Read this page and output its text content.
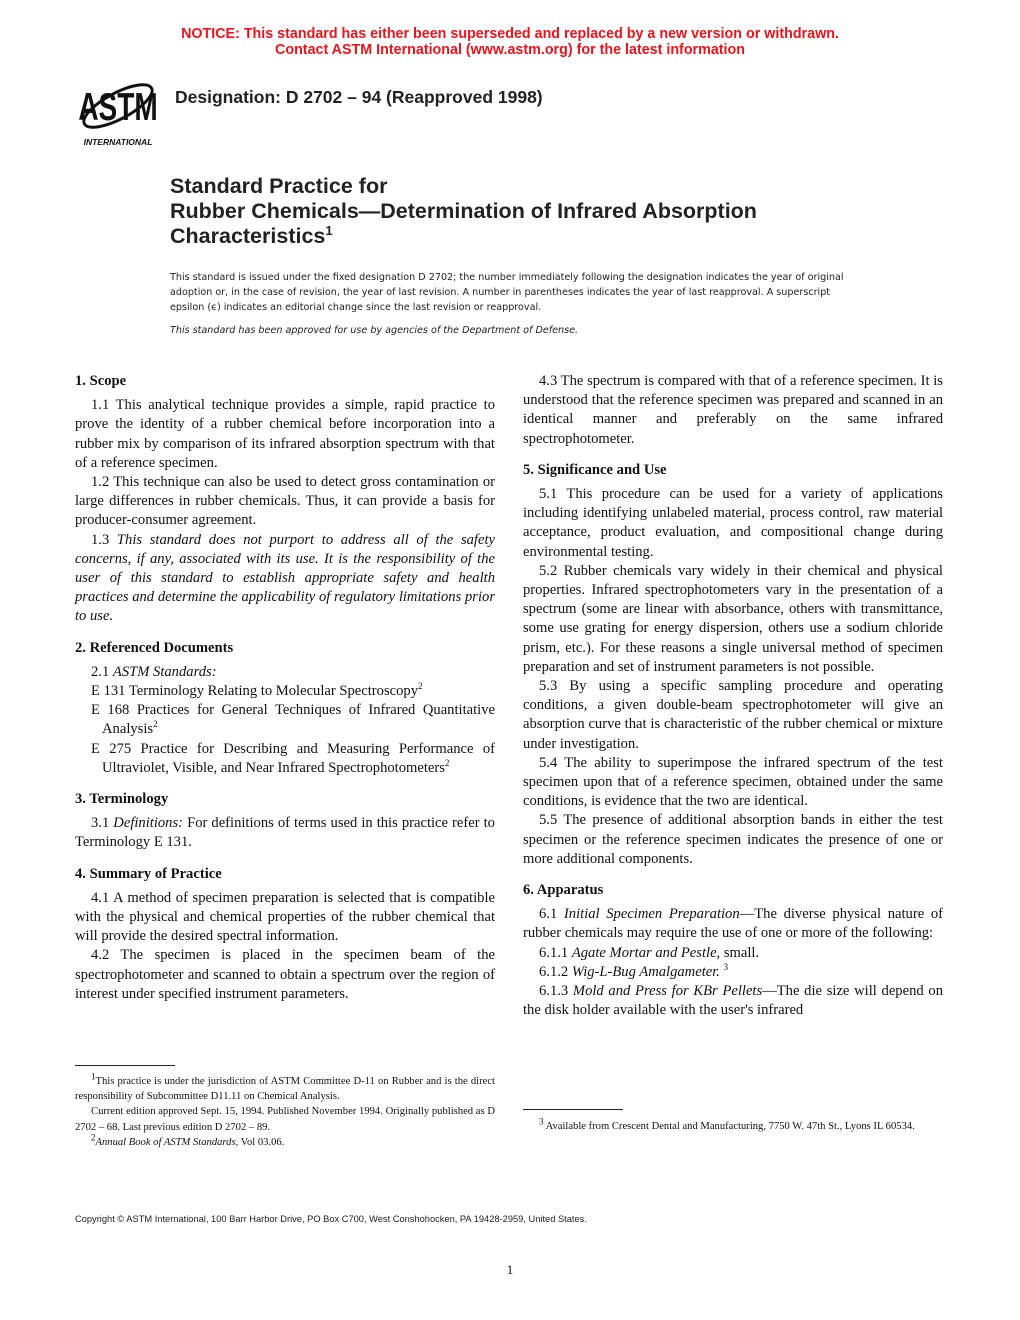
NOTICE: This standard has either been superseded and replaced by a new version or withdrawn.
Contact ASTM International (www.astm.org) for the latest information
ASTM
INTERNATIONAL
Designation: D 2702 – 94 (Reapproved 1998)
Standard Practice for
Rubber Chemicals—Determination of Infrared Absorption
Characteristics$^1$
This standard is issued under the fixed designation D 2702; the number immediately following the designation indicates the year of original adoption or, in the case of revision, the year of last revision. A number in parentheses indicates the year of last reapproval. A superscript epsilon (ϵ) indicates an editorial change since the last revision or reapproval.
This standard has been approved for use by agencies of the Department of Defense.
1. Scope

1.1 This analytical technique provides a simple, rapid practice to prove the identity of a rubber chemical before incorporation into a rubber mix by comparison of its infrared absorption spectrum with that of a reference specimen.

1.2 This technique can also be used to detect gross contamination or large differences in rubber chemicals. Thus, it can provide a basis for producer-consumer agreement.

1.3 This standard does not purport to address all of the safety concerns, if any, associated with its use. It is the responsibility of the user of this standard to establish appropriate safety and health practices and determine the applicability of regulatory limitations prior to use.

2. Referenced Documents

2.1 ASTM Standards:

E 131 Terminology Relating to Molecular Spectroscopy$^2$

E 168 Practices for General Techniques of Infrared Quantitative Analysis$^2$

E 275 Practice for Describing and Measuring Performance of Ultraviolet, Visible, and Near Infrared Spectrophotometers$^2$

3. Terminology

3.1 Definitions: For definitions of terms used in this practice refer to Terminology E 131.

4. Summary of Practice

4.1 A method of specimen preparation is selected that is compatible with the physical and chemical properties of the rubber chemical that will provide the desired spectral information.

4.2 The specimen is placed in the specimen beam of the spectrophotometer and scanned to obtain a spectrum over the region of interest under specified instrument parameters.

4.3 The spectrum is compared with that of a reference specimen. It is understood that the reference specimen was prepared and scanned in an identical manner and preferably on the same infrared spectrophotometer.

5. Significance and Use

5.1 This procedure can be used for a variety of applications including identifying unlabeled material, process control, raw material acceptance, product evaluation, and compositional change during environmental testing.

5.2 Rubber chemicals vary widely in their chemical and physical properties. Infrared spectrophotometers vary in the presentation of a spectrum (some are linear with absorbance, others with transmittance, some use grating for energy dispersion, others use a sodium chloride prism, etc.). For these reasons a single universal method of specimen preparation and set of instrument parameters is not possible.

5.3 By using a specific sampling procedure and operating conditions, a given double-beam spectrophotometer will give an absorption curve that is characteristic of the rubber chemical or mixture under investigation.

5.4 The ability to superimpose the infrared spectrum of the test specimen upon that of a reference specimen, obtained under the same conditions, is evidence that the two are identical.

5.5 The presence of additional absorption bands in either the test specimen or the reference specimen indicates the presence of one or more additional components.

6. Apparatus

6.1 Initial Specimen Preparation—The diverse physical nature of rubber chemicals may require the use of one or more of the following:

6.1.1 Agate Mortar and Pestle, small.

6.1.2 Wig-L-Bug Amalgameter. $^3$

6.1.3 Mold and Press for KBr Pellets—The die size will depend on the disk holder available with the user's infrared

$^1$This practice is under the jurisdiction of ASTM Committee D-11 on Rubber and is the direct responsibility of Subcommittee D11.11 on Chemical Analysis.

Current edition approved Sept. 15, 1994. Published November 1994. Originally published as D 2702 – 68. Last previous edition D 2702 – 89.

$^2$Annual Book of ASTM Standards, Vol 03.06.

$^3$ Available from Crescent Dental and Manufacturing, 7750 W. 47th St., Lyons IL 60534.

Copyright © ASTM International, 100 Barr Harbor Drive, PO Box C700, West Conshohocken, PA 19428-2959, United States.
1
